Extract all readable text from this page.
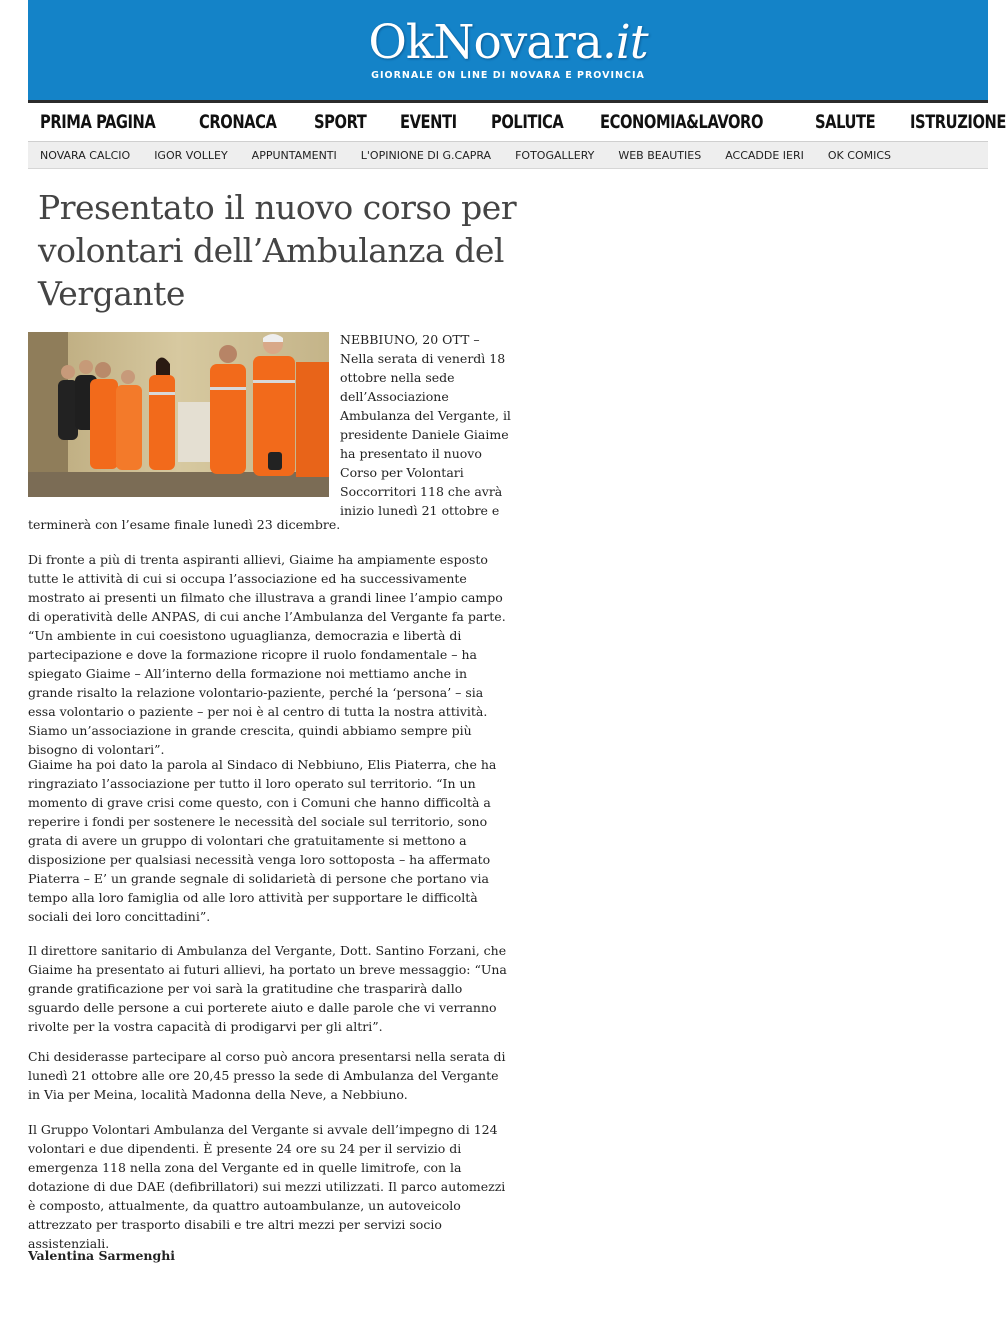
OkNovara.it
GIORNALE ON LINE DI NOVARA E PROVINCIA
PRIMA PAGINA CRONACA SPORT EVENTI POLITICA ECONOMIA&LAVORO	SALUTE ISTRUZIONE
NOVARA CALCIO IGOR VOLLEY APPUNTAMENTI L'OPINIONE DI G.CAPRA FOTOGALLERY WEB BEAUTIES ACCADDE IERI OK COMICS
Presentato il nuovo corso per volontari dell’Ambulanza del Vergante
NEBBIUNO, 20 OTT – Nella serata di venerdì 18 ottobre nella sede dell’Associazione Ambulanza del Vergante, il presidente Daniele Giaime ha presentato il nuovo Corso per Volontari Soccorritori 118 che avrà inizio lunedì 21 ottobre e
terminerà con l’esame finale lunedì 23 dicembre.

Di fronte a più di trenta aspiranti allievi, Giaime ha ampiamente esposto tutte le attività di cui si occupa l’associazione ed ha successivamente mostrato ai presenti un filmato che illustrava a grandi linee l’ampio campo di operatività delle ANPAS, di cui anche l’Ambulanza del Vergante fa parte. “Un ambiente in cui coesistono uguaglianza, democrazia e libertà di partecipazione e dove la formazione ricopre il ruolo fondamentale – ha spiegato Giaime – All’interno della formazione noi mettiamo anche in grande risalto la relazione volontario-paziente, perché la ‘persona’ – sia essa volontario o paziente – per noi è al centro di tutta la nostra attività. Siamo un’associazione in grande crescita, quindi abbiamo sempre più bisogno di volontari”.

Giaime ha poi dato la parola al Sindaco di Nebbiuno, Elis Piaterra, che ha ringraziato l’associazione per tutto il loro operato sul territorio. “In un momento di grave crisi come questo, con i Comuni che hanno difficoltà a reperire i fondi per sostenere le necessità del sociale sul territorio, sono grata di avere un gruppo di volontari che gratuitamente si mettono a disposizione per qualsiasi necessità venga loro sottoposta – ha affermato Piaterra – E’ un grande segnale di solidarietà di persone che portano via tempo alla loro famiglia od alle loro attività per supportare le difficoltà sociali dei loro concittadini”.

Il direttore sanitario di Ambulanza del Vergante, Dott. Santino Forzani, che Giaime ha presentato ai futuri allievi, ha portato un breve messaggio: “Una grande gratificazione per voi sarà la gratitudine che trasparirà dallo sguardo delle persone a cui porterete aiuto e dalle parole che vi verranno rivolte per la vostra capacità di prodigarvi per gli altri”.

Chi desiderasse partecipare al corso può ancora presentarsi nella serata di lunedì 21 ottobre alle ore 20,45 presso la sede di Ambulanza del Vergante in Via per Meina, località Madonna della Neve, a Nebbiuno.

Il Gruppo Volontari Ambulanza del Vergante si avvale dell’impegno di 124 volontari e due dipendenti. È presente 24 ore su 24 per il servizio di emergenza 118 nella zona del Vergante ed in quelle limitrofe, con la dotazione di due DAE (defibrillatori) sui mezzi utilizzati. Il parco automezzi è composto, attualmente, da quattro autoambulanze, un autoveicolo attrezzato per trasporto disabili e tre altri mezzi per servizi socio assistenziali.

Valentina Sarmenghi
